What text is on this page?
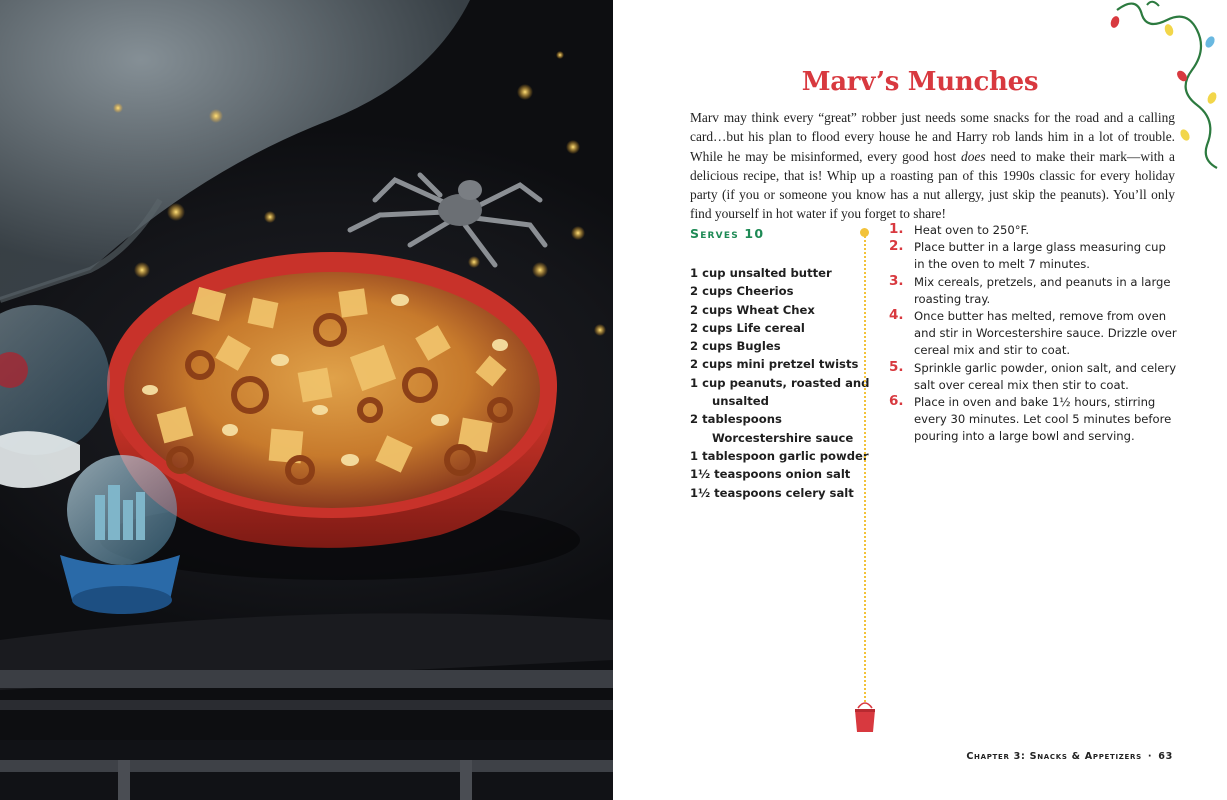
Marv’s Munches

Marv may think every “great” robber just needs some snacks for the road and a calling card…but his plan to flood every house he and Harry rob lands him in a lot of trouble. While he may be misinformed, every good host does need to make their mark—with a delicious recipe, that is! Whip up a roasting pan of this 1990s classic for every holiday party (if you or someone you know has a nut allergy, just skip the peanuts). You’ll only find yourself in hot water if you forget to share!

Serves 10
1 cup unsalted butter
2 cups Cheerios
2 cups Wheat Chex
2 cups Life cereal
2 cups Bugles
2 cups mini pretzel twists
1 cup peanuts, roasted and unsalted
2 tablespoons Worcestershire sauce
1 tablespoon garlic powder
1½ teaspoons onion salt
1½ teaspoons celery salt
1. Heat oven to 250°F.
2. Place butter in a large glass measuring cup in the oven to melt 7 minutes.
3. Mix cereals, pretzels, and peanuts in a large roasting tray.
4. Once butter has melted, remove from oven and stir in Worcestershire sauce. Drizzle over cereal mix and stir to coat.
5. Sprinkle garlic powder, onion salt, and celery salt over cereal mix then stir to coat.
6. Place in oven and bake 1½ hours, stirring every 30 minutes. Let cool 5 minutes before pouring into a large bowl and serving.
Chapter 3: Snacks & Appetizers · 63
